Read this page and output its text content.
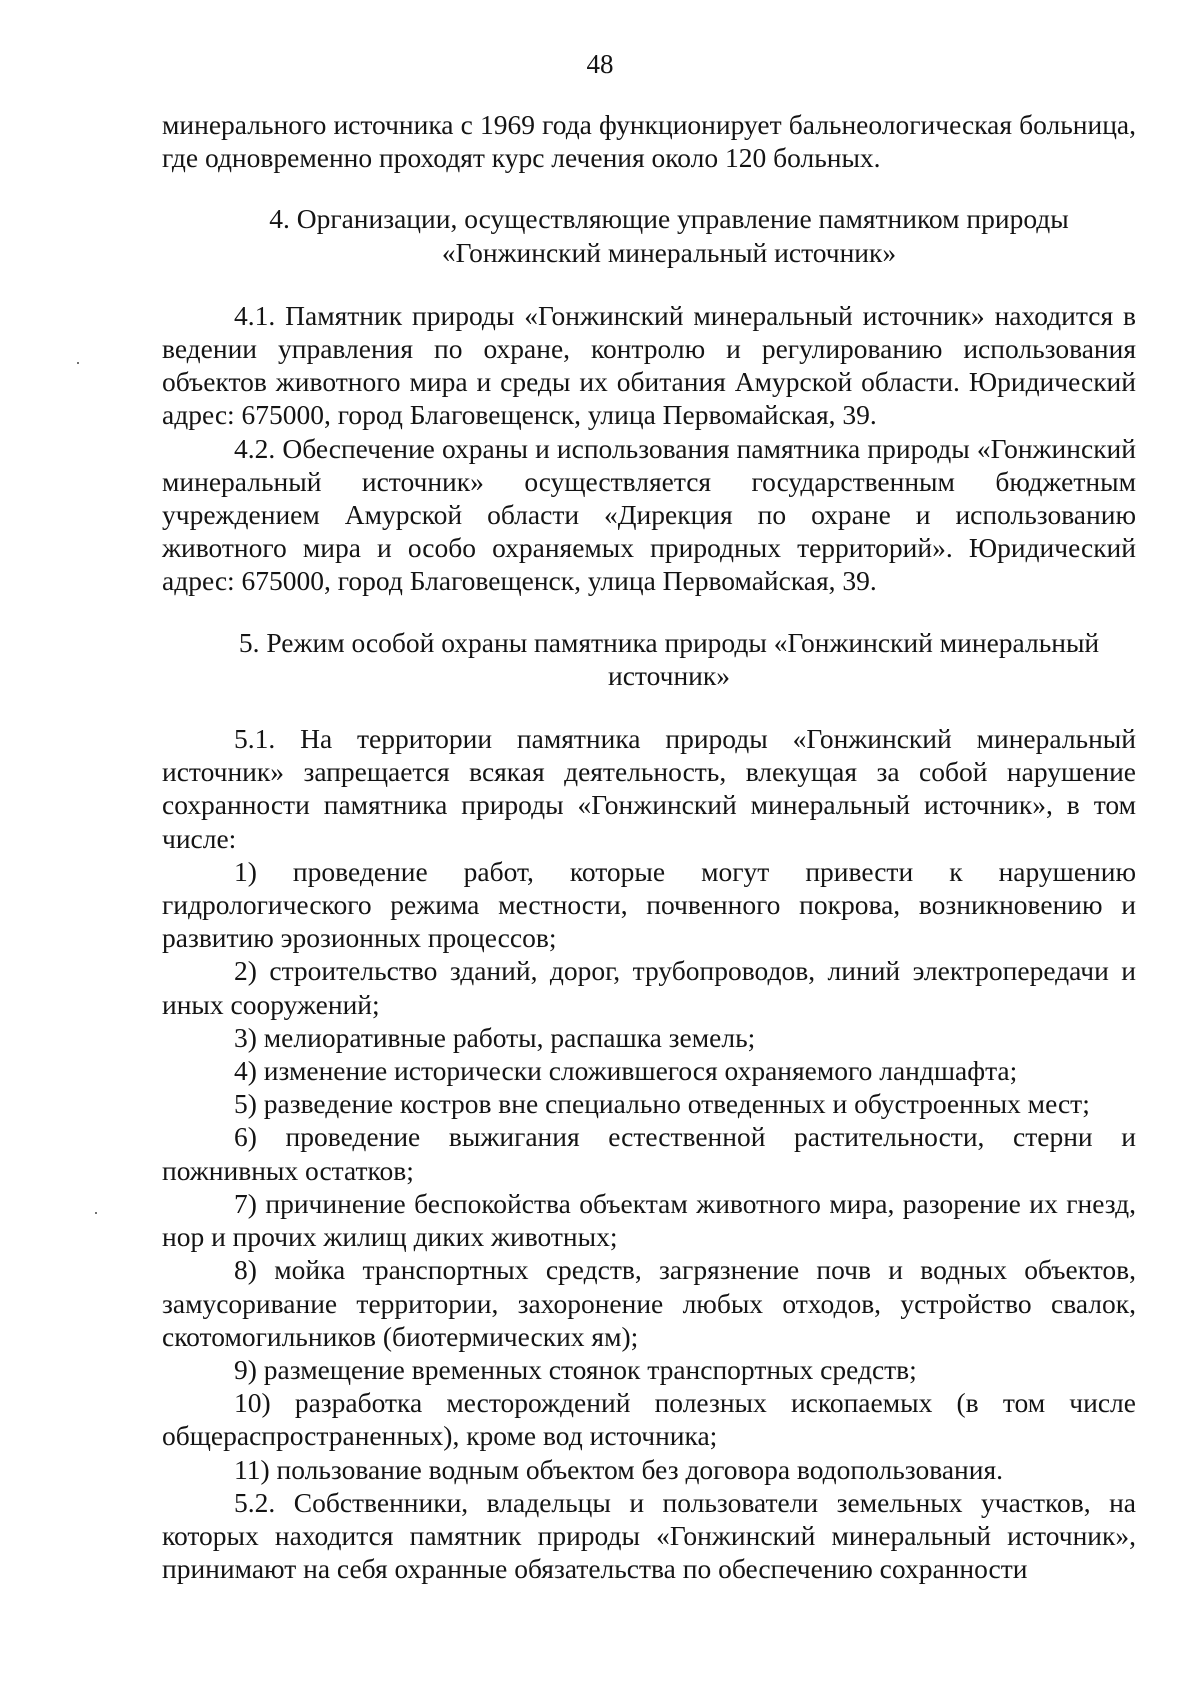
48

минерального источника с 1969 года функционирует бальнеологическая больница, где одновременно проходят курс лечения около 120 больных.

4. Организации, осуществляющие управление памятником природы «Гонжинский минеральный источник»

4.1. Памятник природы «Гонжинский минеральный источник» находится в ведении управления по охране, контролю и регулированию использования объектов животного мира и среды их обитания Амурской области. Юридический адрес: 675000, город Благовещенск, улица Первомайская, 39.

4.2. Обеспечение охраны и использования памятника природы «Гонжинский минеральный источник» осуществляется государственным бюджетным учреждением Амурской области «Дирекция по охране и использованию животного мира и особо охраняемых природных территорий». Юридический адрес: 675000, город Благовещенск, улица Первомайская, 39.

5. Режим особой охраны памятника природы «Гонжинский минеральный источник»

5.1. На территории памятника природы «Гонжинский минеральный источник» запрещается всякая деятельность, влекущая за собой нарушение сохранности памятника природы «Гонжинский минеральный источник», в том числе:

1) проведение работ, которые могут привести к нарушению гидрологического режима местности, почвенного покрова, возникновению и развитию эрозионных процессов;

2) строительство зданий, дорог, трубопроводов, линий электропередачи и иных сооружений;

3) мелиоративные работы, распашка земель;

4) изменение исторически сложившегося охраняемого ландшафта;

5) разведение костров вне специально отведенных и обустроенных мест;

6) проведение выжигания естественной растительности, стерни и пожнивных остатков;

7) причинение беспокойства объектам животного мира, разорение их гнезд, нор и прочих жилищ диких животных;

8) мойка транспортных средств, загрязнение почв и водных объектов, замусоривание территории, захоронение любых отходов, устройство свалок, скотомогильников (биотермических ям);

9) размещение временных стоянок транспортных средств;

10) разработка месторождений полезных ископаемых (в том числе общераспространенных), кроме вод источника;

11) пользование водным объектом без договора водопользования.

5.2. Собственники, владельцы и пользователи земельных участков, на которых находится памятник природы «Гонжинский минеральный источник», принимают на себя охранные обязательства по обеспечению сохранности
